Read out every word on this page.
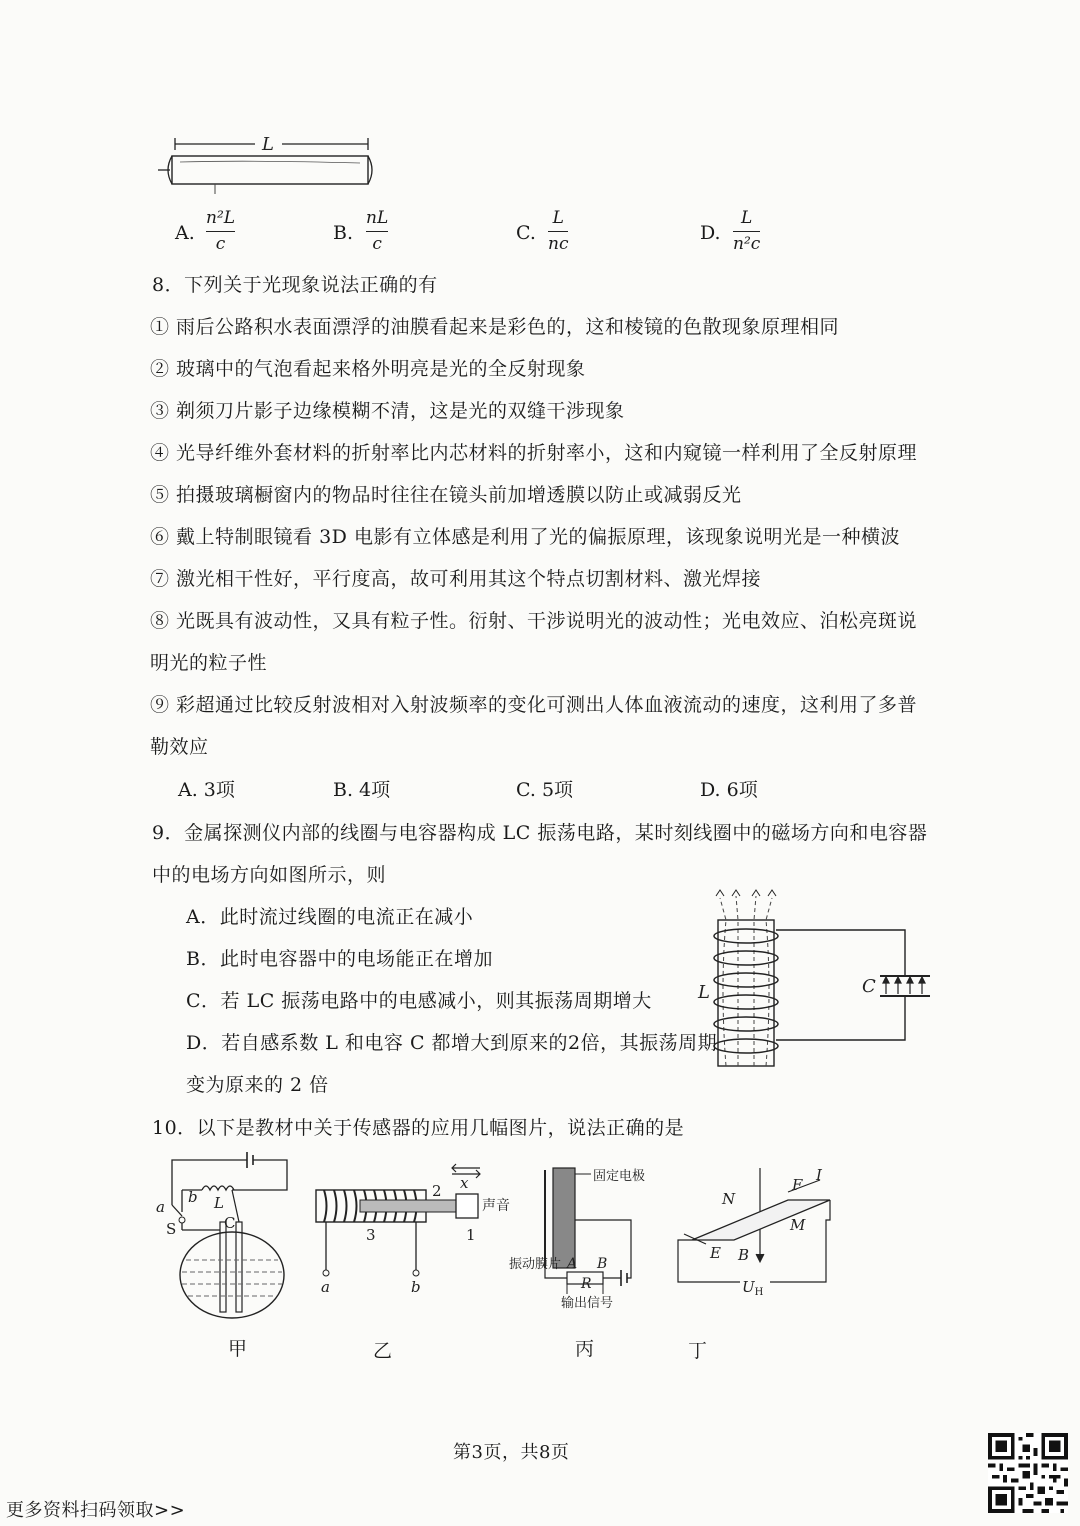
L
A.
n²L
c	B.
nL
c	C.
L
nc	D.
L
n²c
8．下列关于光现象说法正确的有
① 雨后公路积水表面漂浮的油膜看起来是彩色的，这和棱镜的色散现象原理相同
② 玻璃中的气泡看起来格外明亮是光的全反射现象
③ 剃须刀片影子边缘模糊不清，这是光的双缝干涉现象
④ 光导纤维外套材料的折射率比内芯材料的折射率小，这和内窥镜一样利用了全反射原理
⑤ 拍摄玻璃橱窗内的物品时往往在镜头前加增透膜以防止或减弱反光
⑥ 戴上特制眼镜看 3D 电影有立体感是利用了光的偏振原理，该现象说明光是一种横波
⑦ 激光相干性好，平行度高，故可利用其这个特点切割材料、激光焊接
⑧ 光既具有波动性，又具有粒子性。衍射、干涉说明光的波动性；光电效应、泊松亮斑说
明光的粒子性
⑨ 彩超通过比较反射波相对入射波频率的变化可测出人体血液流动的速度，这利用了多普
勒效应
A. 3项	B. 4项	C. 5项	D. 6项
9．金属探测仪内部的线圈与电容器构成 LC 振荡电路，某时刻线圈中的磁场方向和电容器
中的电场方向如图所示，则
A．此时流过线圈的电流正在减小
B．此时电容器中的电场能正在增加
C．若 LC 振荡电路中的电感减小，则其振荡周期增大
D．若自感系数 L 和电容 C 都增大到原来的2倍，其振荡周期
变为原来的 2 倍
L	C
10．以下是教材中关于传感器的应用几幅图片，说法正确的是
a
b L
S	C
x
2
声音
3	1
a	b
固定电极
振动膜片 A B
R
输出信号
N
F
I
M
E B
$U_H$
甲	乙	丙	丁
第3页，共8页
更多资料扫码领取>>
